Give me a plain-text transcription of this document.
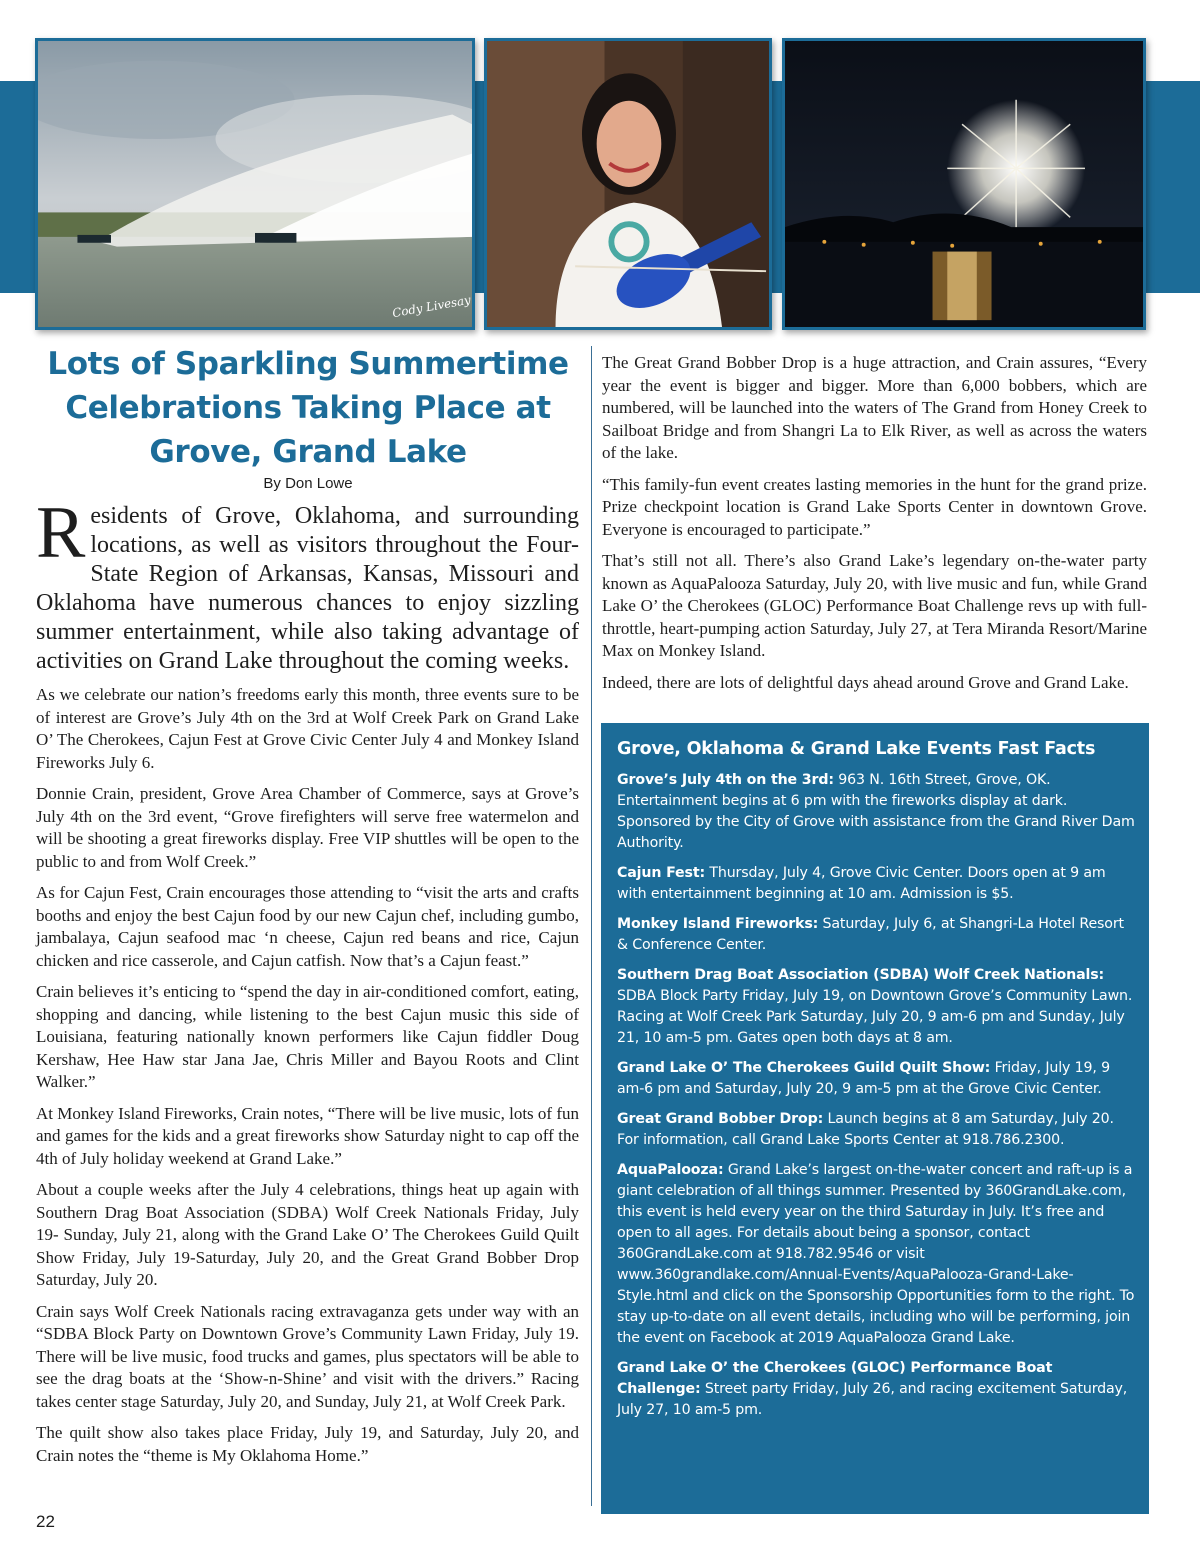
Cody Livesay
Lots of Sparkling Summertime Celebrations Taking Place at Grove, Grand Lake
By Don Lowe

Residents of Grove, Oklahoma, and surrounding locations, as well as visitors throughout the Four-State Region of Arkansas, Kansas, Missouri and Oklahoma have numerous chances to enjoy sizzling summer entertainment, while also taking advantage of activities on Grand Lake throughout the coming weeks.

As we celebrate our nation’s freedoms early this month, three events sure to be of interest are Grove’s July 4th on the 3rd at Wolf Creek Park on Grand Lake O’ The Cherokees, Cajun Fest at Grove Civic Center July 4 and Monkey Island Fireworks July 6.

Donnie Crain, president, Grove Area Chamber of Commerce, says at Grove’s July 4th on the 3rd event, “Grove firefighters will serve free watermelon and will be shooting a great fireworks display. Free VIP shuttles will be open to the public to and from Wolf Creek.”

As for Cajun Fest, Crain encourages those attending to “visit the arts and crafts booths and enjoy the best Cajun food by our new Cajun chef, including gumbo, jambalaya, Cajun seafood mac ‘n cheese, Cajun red beans and rice, Cajun chicken and rice casserole, and Cajun catfish. Now that’s a Cajun feast.”

Crain believes it’s enticing to “spend the day in air-conditioned comfort, eating, shopping and dancing, while listening to the best Cajun music this side of Louisiana, featuring nationally known performers like Cajun fiddler Doug Kershaw, Hee Haw star Jana Jae, Chris Miller and Bayou Roots and Clint Walker.”

At Monkey Island Fireworks, Crain notes, “There will be live music, lots of fun and games for the kids and a great fireworks show Saturday night to cap off the 4th of July holiday weekend at Grand Lake.”

About a couple weeks after the July 4 celebrations, things heat up again with Southern Drag Boat Association (SDBA) Wolf Creek Nationals Friday, July 19- Sunday, July 21, along with the Grand Lake O’ The Cherokees Guild Quilt Show Friday, July 19-Saturday, July 20, and the Great Grand Bobber Drop Saturday, July 20.

Crain says Wolf Creek Nationals racing extravaganza gets under way with an “SDBA Block Party on Downtown Grove’s Community Lawn Friday, July 19. There will be live music, food trucks and games, plus spectators will be able to see the drag boats at the ‘Show-n-Shine’ and visit with the drivers.” Racing takes center stage Saturday, July 20, and Sunday, July 21, at Wolf Creek Park.

The quilt show also takes place Friday, July 19, and Saturday, July 20, and Crain notes the “theme is My Oklahoma Home.”

The Great Grand Bobber Drop is a huge attraction, and Crain assures, “Every year the event is bigger and bigger. More than 6,000 bobbers, which are numbered, will be launched into the waters of The Grand from Honey Creek to Sailboat Bridge and from Shangri La to Elk River, as well as across the waters of the lake.

“This family-fun event creates lasting memories in the hunt for the grand prize. Prize checkpoint location is Grand Lake Sports Center in downtown Grove. Everyone is encouraged to participate.”

That’s still not all. There’s also Grand Lake’s legendary on-the-water party known as AquaPalooza Saturday, July 20, with live music and fun, while Grand Lake O’ the Cherokees (GLOC) Performance Boat Challenge revs up with full-throttle, heart-pumping action Saturday, July 27, at Tera Miranda Resort/Marine Max on Monkey Island.

Indeed, there are lots of delightful days ahead around Grove and Grand Lake.

Grove, Oklahoma & Grand Lake Events Fast Facts

Grove’s July 4th on the 3rd: 963 N. 16th Street, Grove, OK. Entertainment begins at 6 pm with the fireworks display at dark. Sponsored by the City of Grove with assistance from the Grand River Dam Authority.

Cajun Fest: Thursday, July 4, Grove Civic Center. Doors open at 9 am with entertainment beginning at 10 am. Admission is $5.

Monkey Island Fireworks: Saturday, July 6, at Shangri-La Hotel Resort & Conference Center.

Southern Drag Boat Association (SDBA) Wolf Creek Nationals: SDBA Block Party Friday, July 19, on Downtown Grove’s Community Lawn. Racing at Wolf Creek Park Saturday, July 20, 9 am-6 pm and Sunday, July 21, 10 am-5 pm. Gates open both days at 8 am.

Grand Lake O’ The Cherokees Guild Quilt Show: Friday, July 19, 9 am-6 pm and Saturday, July 20, 9 am-5 pm at the Grove Civic Center.

Great Grand Bobber Drop: Launch begins at 8 am Saturday, July 20. For information, call Grand Lake Sports Center at 918.786.2300.

AquaPalooza: Grand Lake’s largest on-the-water concert and raft-up is a giant celebration of all things summer. Presented by 360GrandLake.com, this event is held every year on the third Saturday in July. It’s free and open to all ages. For details about being a sponsor, contact 360GrandLake.com at 918.782.9546 or visit www.360grandlake.com/Annual-Events/AquaPalooza-Grand-Lake-Style.html and click on the Sponsorship Opportunities form to the right. To stay up-to-date on all event details, including who will be performing, join the event on Facebook at 2019 AquaPalooza Grand Lake.

Grand Lake O’ the Cherokees (GLOC) Performance Boat Challenge: Street party Friday, July 26, and racing excitement Saturday, July 27, 10 am-5 pm.

22
